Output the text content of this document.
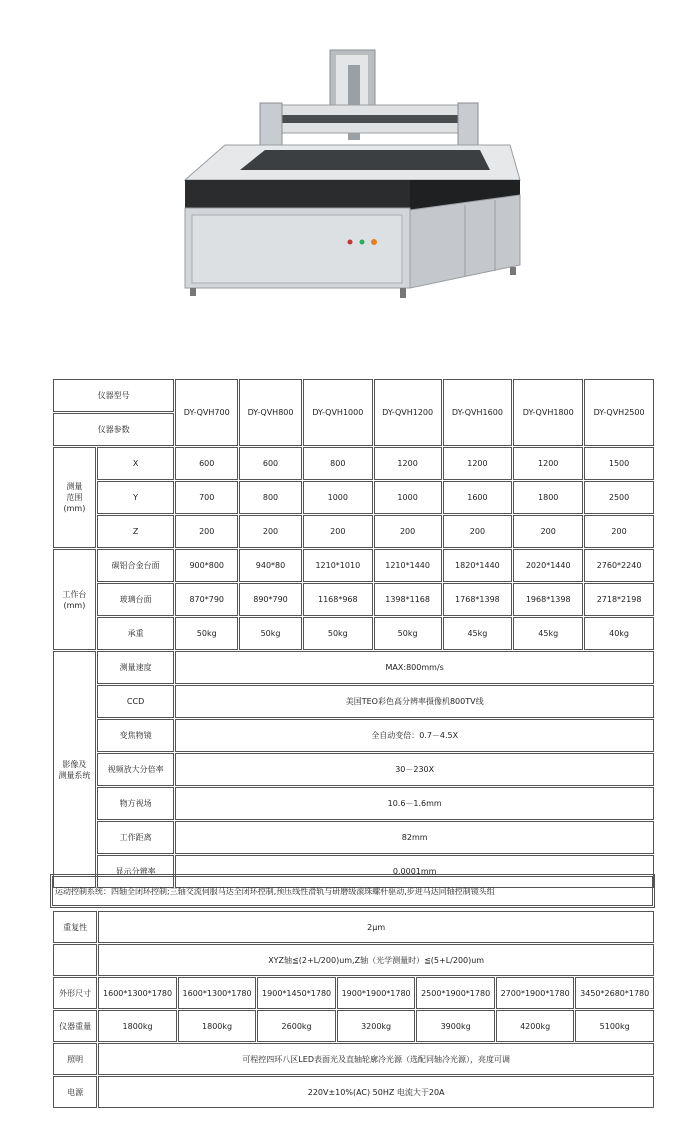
仪器型号		DY-QVH700	DY-QVH800	DY-QVH1000	DY-QVH1200	DY-QVH1600	DY-QVH1800	DY-QVH2500
仪器参数								
测量
范围
(mm)	X	600	600	800	1200	1200	1200	1500
	Y	700	800	1000	1000	1600	1800	2500
	Z	200	200	200	200	200	200	200
工作台
(mm)	碳铝合金台面	900*800	940*80	1210*1010	1210*1440	1820*1440	2020*1440	2760*2240
	玻璃台面	870*790	890*790	1168*968	1398*1168	1768*1398	1968*1398	2718*2198
	承重	50kg	50kg	50kg	50kg	45kg	45kg	40kg
影像及
测量系统	测量速度	MAX:800mm/s						
	CCD	美国TEO彩色高分辨率摄像机800TV线						
	变焦物镜	全自动变倍：0.7－4.5X						
	视频放大分倍率	30－230X						
	物方视场	10.6－1.6mm						
	工作距离	82mm						
	显示分辨率	0.0001mm						
运动控制系统：四轴全闭环控制;三轴交流伺服马达全闭环控制,预压线性滑轨与研磨级滚珠螺杆驱动,步进马达同轴控制镜头组
重复性	2μm						
	XYZ轴≦(2+L/200)um,Z轴（光学测量时）≦(5+L/200)um						
外形尺寸	1600*1300*1780	1600*1300*1780	1900*1450*1780	1900*1900*1780	2500*1900*1780	2700*1900*1780	3450*2680*1780
仪器重量	1800kg	1800kg	2600kg	3200kg	3900kg	4200kg	5100kg
照明	可程控四环八区LED表面光及直轴轮廓冷光源（选配同轴冷光源），亮度可调						
电源	220V±10%(AC) 50HZ 电流大于20A						
